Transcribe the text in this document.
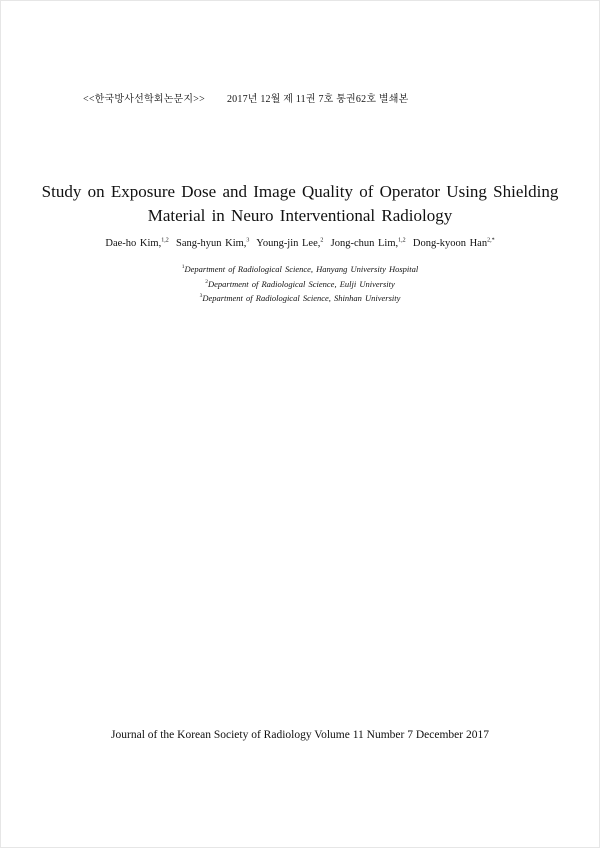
<<한국방사선학회논문지>> 2017년 12월 제 11권 7호 통권62호 별쇄본
Study on Exposure Dose and Image Quality of Operator Using Shielding
Material in Neuro Interventional Radiology
Dae-ho Kim,$^{1,2}$ Sang-hyun Kim,$^3$ Young-jin Lee,$^2$ Jong-chun Lim,$^{1,2}$ Dong-kyoon Han$^{2,*}$
$^1$Department of Radiological Science, Hanyang University Hospital
$^2$Department of Radiological Science, Eulji University
$^3$Department of Radiological Science, Shinhan University
Journal of the Korean Society of Radiology Volume 11 Number 7 December 2017
